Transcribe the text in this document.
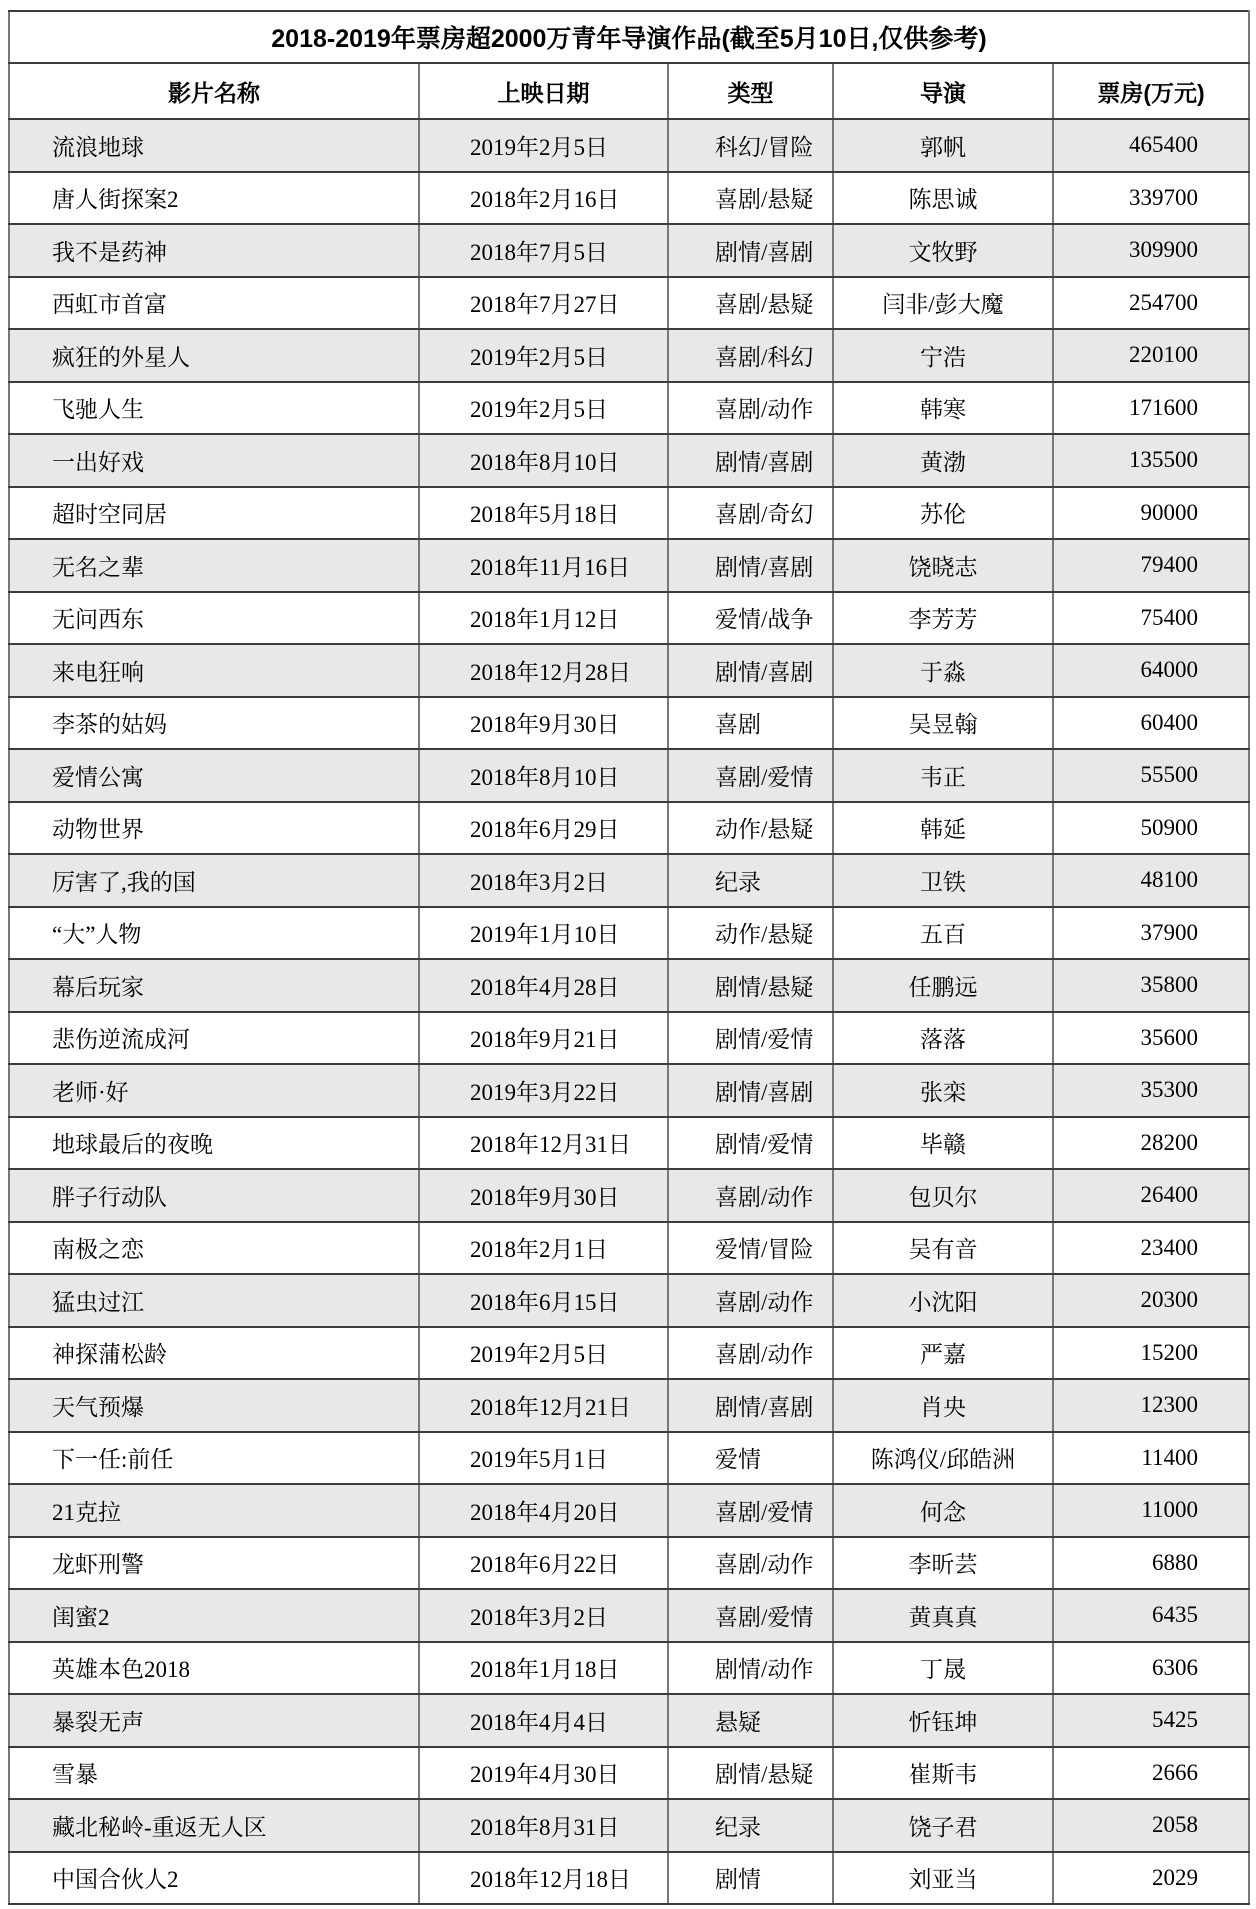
2018-2019年票房超2000万青年导演作品(截至5月10日,仅供参考)				
影片名称	上映日期	类型	导演	票房(万元)
流浪地球	2019年2月5日	科幻/冒险	郭帆	465400
唐人街探案2	2018年2月16日	喜剧/悬疑	陈思诚	339700
我不是药神	2018年7月5日	剧情/喜剧	文牧野	309900
西虹市首富	2018年7月27日	喜剧/悬疑	闫非/彭大魔	254700
疯狂的外星人	2019年2月5日	喜剧/科幻	宁浩	220100
飞驰人生	2019年2月5日	喜剧/动作	韩寒	171600
一出好戏	2018年8月10日	剧情/喜剧	黄渤	135500
超时空同居	2018年5月18日	喜剧/奇幻	苏伦	90000
无名之辈	2018年11月16日	剧情/喜剧	饶晓志	79400
无问西东	2018年1月12日	爱情/战争	李芳芳	75400
来电狂响	2018年12月28日	剧情/喜剧	于淼	64000
李茶的姑妈	2018年9月30日	喜剧	吴昱翰	60400
爱情公寓	2018年8月10日	喜剧/爱情	韦正	55500
动物世界	2018年6月29日	动作/悬疑	韩延	50900
厉害了,我的国	2018年3月2日	纪录	卫铁	48100
“大”人物	2019年1月10日	动作/悬疑	五百	37900
幕后玩家	2018年4月28日	剧情/悬疑	任鹏远	35800
悲伤逆流成河	2018年9月21日	剧情/爱情	落落	35600
老师·好	2019年3月22日	剧情/喜剧	张栾	35300
地球最后的夜晚	2018年12月31日	剧情/爱情	毕赣	28200
胖子行动队	2018年9月30日	喜剧/动作	包贝尔	26400
南极之恋	2018年2月1日	爱情/冒险	吴有音	23400
猛虫过江	2018年6月15日	喜剧/动作	小沈阳	20300
神探蒲松龄	2019年2月5日	喜剧/动作	严嘉	15200
天气预爆	2018年12月21日	剧情/喜剧	肖央	12300
下一任:前任	2019年5月1日	爱情	陈鸿仪/邱皓洲	11400
21克拉	2018年4月20日	喜剧/爱情	何念	11000
龙虾刑警	2018年6月22日	喜剧/动作	李昕芸	6880
闺蜜2	2018年3月2日	喜剧/爱情	黄真真	6435
英雄本色2018	2018年1月18日	剧情/动作	丁晟	6306
暴裂无声	2018年4月4日	悬疑	忻钰坤	5425
雪暴	2019年4月30日	剧情/悬疑	崔斯韦	2666
藏北秘岭-重返无人区	2018年8月31日	纪录	饶子君	2058
中国合伙人2	2018年12月18日	剧情	刘亚当	2029
